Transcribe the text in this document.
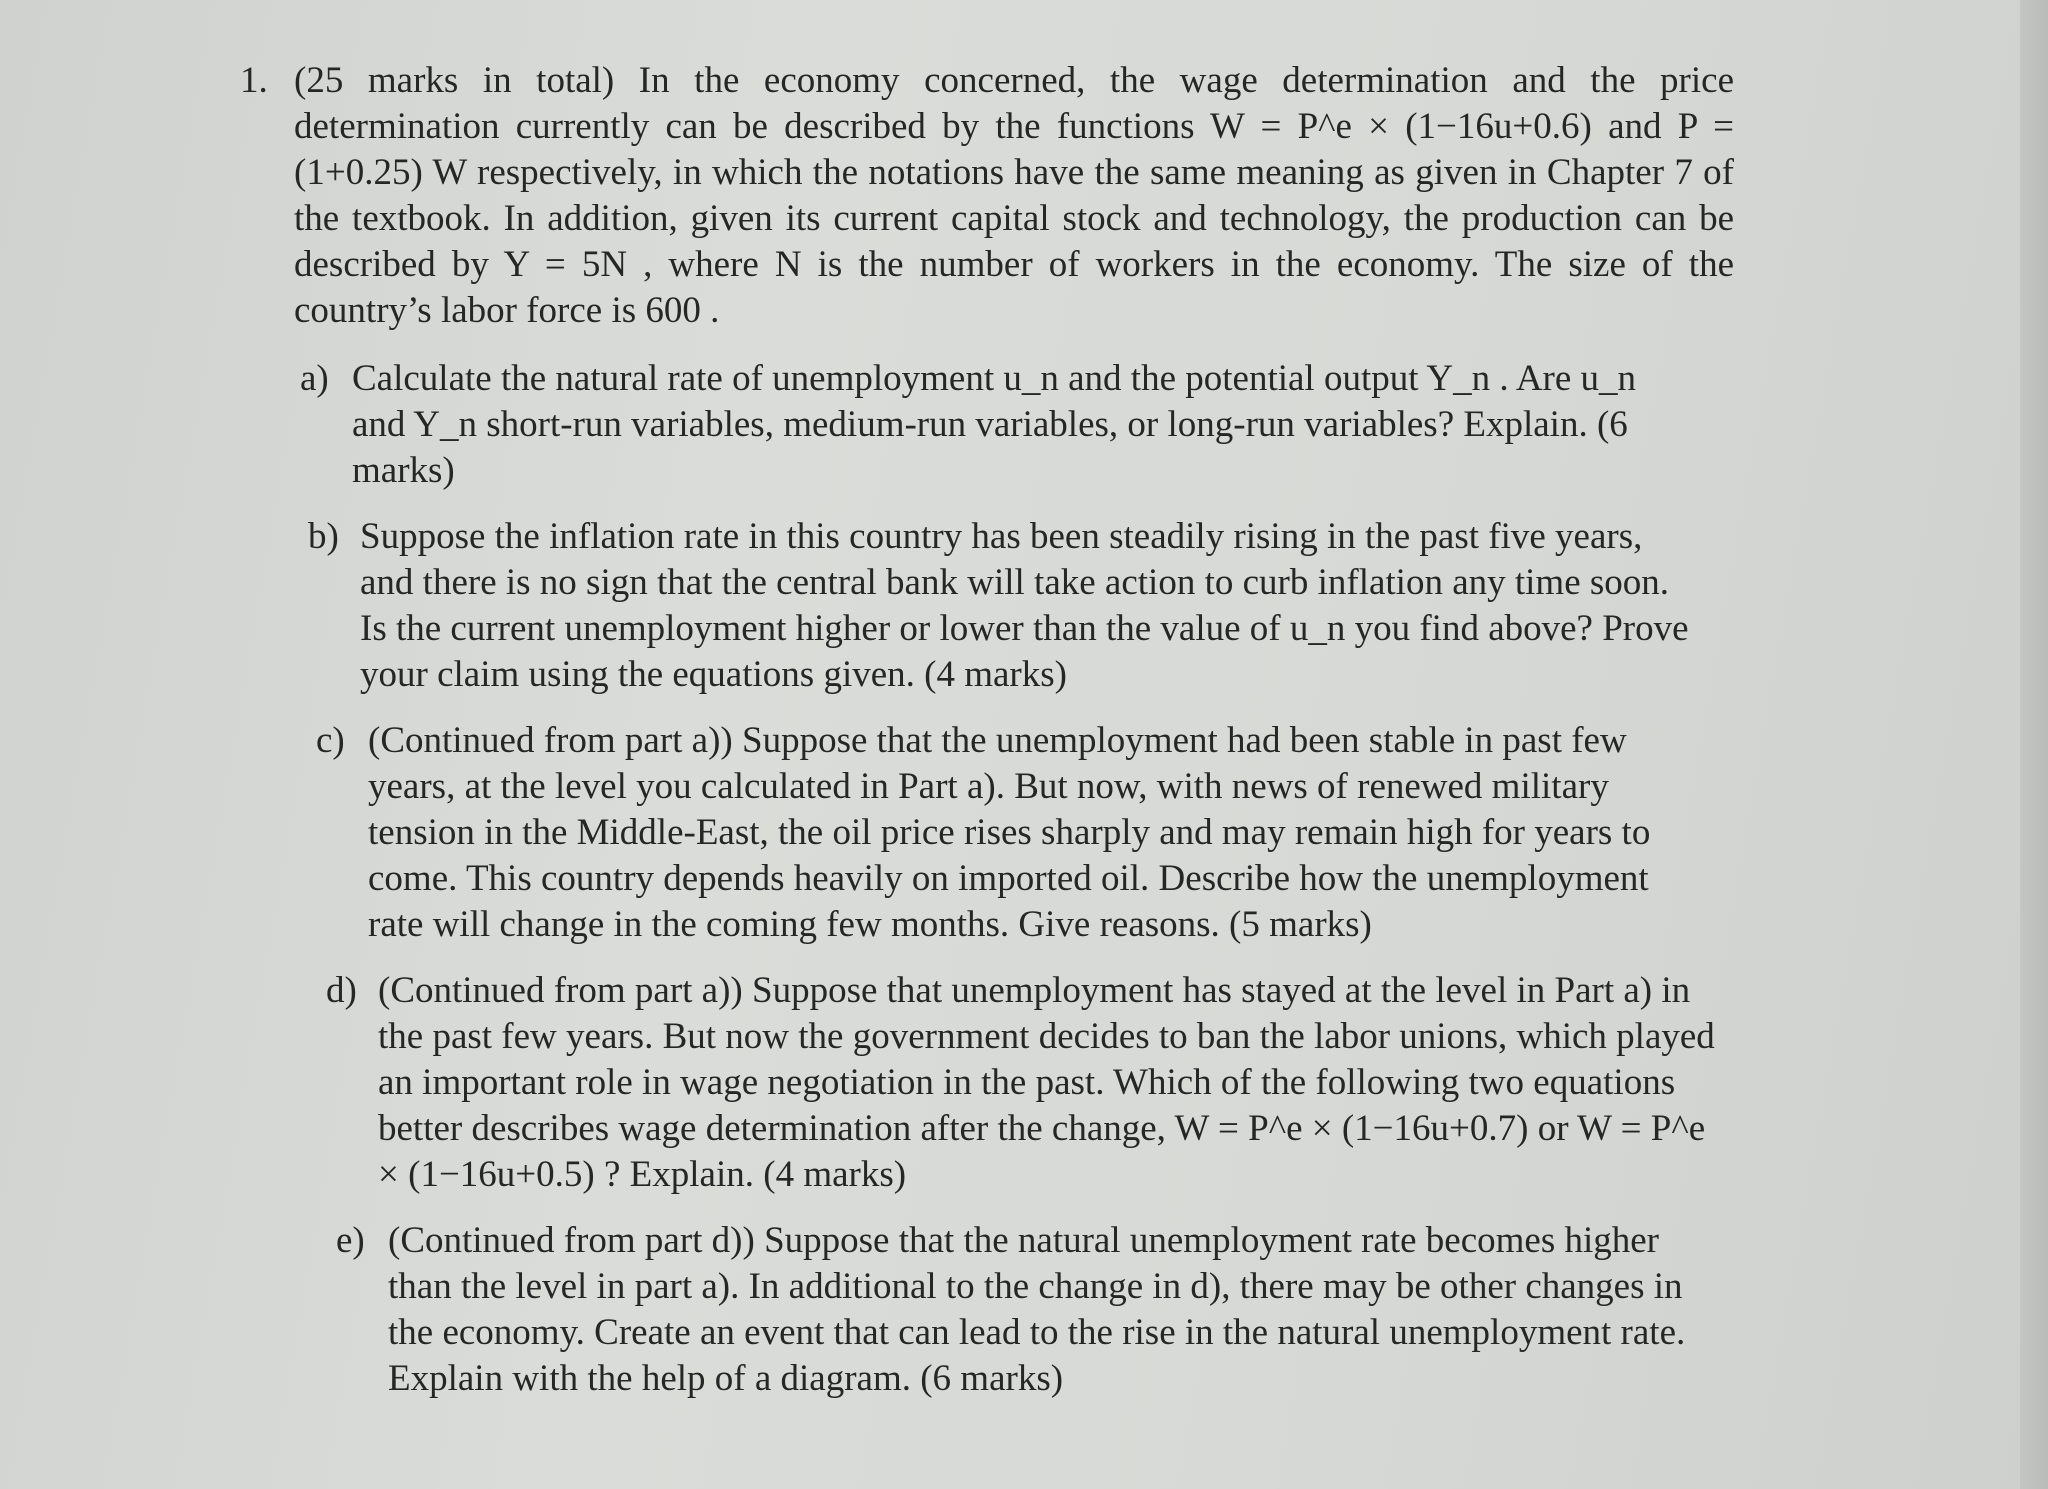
1. (25 marks in total) In the economy concerned, the wage determination and the price determination currently can be described by the functions W = P^e × (1−16u+0.6) and P = (1+0.25) W respectively, in which the notations have the same meaning as given in Chapter 7 of the textbook. In addition, given its current capital stock and technology, the production can be described by Y = 5N , where N is the number of workers in the economy. The size of the country’s labor force is 600 .
a) Calculate the natural rate of unemployment u_n and the potential output Y_n . Are u_n and Y_n short-run variables, medium-run variables, or long-run variables? Explain. (6 marks)
b) Suppose the inflation rate in this country has been steadily rising in the past five years, and there is no sign that the central bank will take action to curb inflation any time soon. Is the current unemployment higher or lower than the value of u_n you find above? Prove your claim using the equations given. (4 marks)
c) (Continued from part a)) Suppose that the unemployment had been stable in past few years, at the level you calculated in Part a). But now, with news of renewed military tension in the Middle-East, the oil price rises sharply and may remain high for years to come. This country depends heavily on imported oil. Describe how the unemployment rate will change in the coming few months. Give reasons. (5 marks)
d) (Continued from part a)) Suppose that unemployment has stayed at the level in Part a) in the past few years. But now the government decides to ban the labor unions, which played an important role in wage negotiation in the past. Which of the following two equations better describes wage determination after the change, W = P^e × (1−16u+0.7) or W = P^e × (1−16u+0.5) ? Explain. (4 marks)
e) (Continued from part d)) Suppose that the natural unemployment rate becomes higher than the level in part a). In additional to the change in d), there may be other changes in the economy. Create an event that can lead to the rise in the natural unemployment rate. Explain with the help of a diagram. (6 marks)
